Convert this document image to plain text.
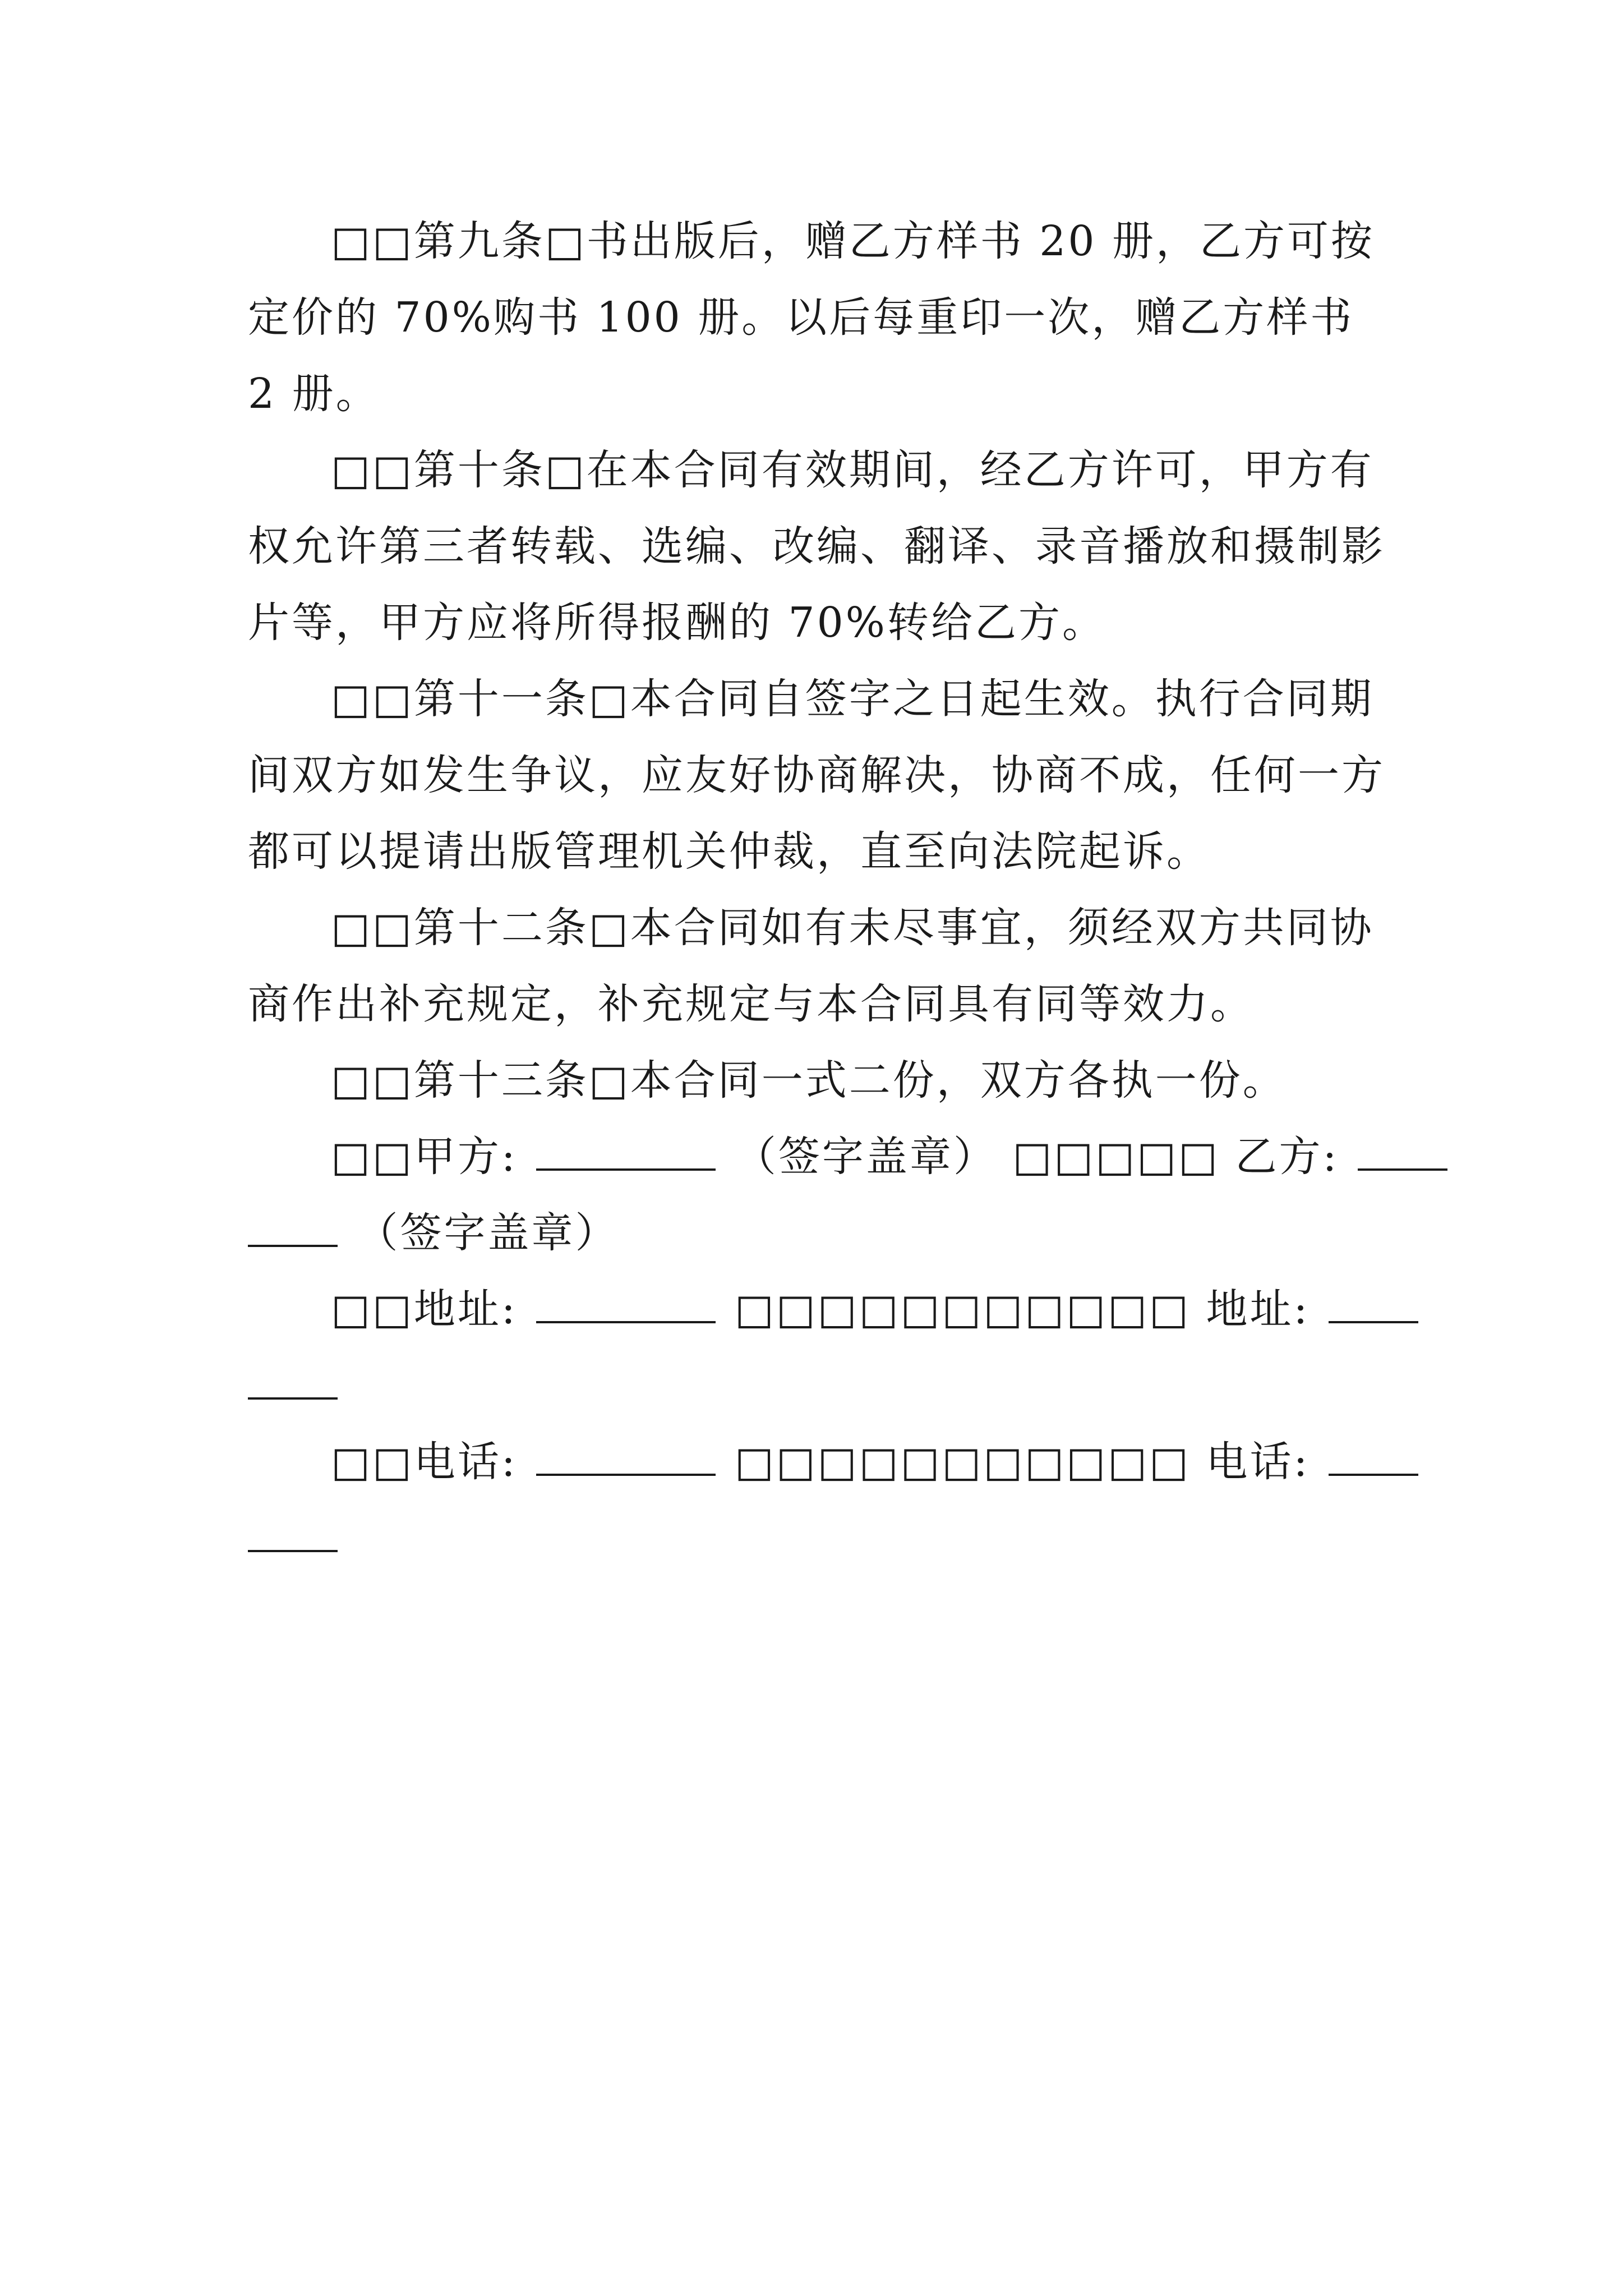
□□第九条□书出版后，赠乙方样书 20 册，乙方可按定价的 70%购书 100 册。以后每重印一次，赠乙方样书 2 册。

□□第十条□在本合同有效期间，经乙方许可，甲方有权允许第三者转载、选编、改编、翻译、录音播放和摄制影片等，甲方应将所得报酬的 70%转给乙方。

□□第十一条□本合同自签字之日起生效。执行合同期间双方如发生争议，应友好协商解决，协商不成，任何一方都可以提请出版管理机关仲裁，直至向法院起诉。

□□第十二条□本合同如有未尽事宜，须经双方共同协商作出补充规定，补充规定与本合同具有同等效力。

□□第十三条□本合同一式二份，双方各执一份。

□□甲方:	（签字盖章） □□□□□ 乙方:
（签字盖章）
□□地址:	□□□□□□□□□□□ 地址:
□□电话:	□□□□□□□□□□□ 电话:
